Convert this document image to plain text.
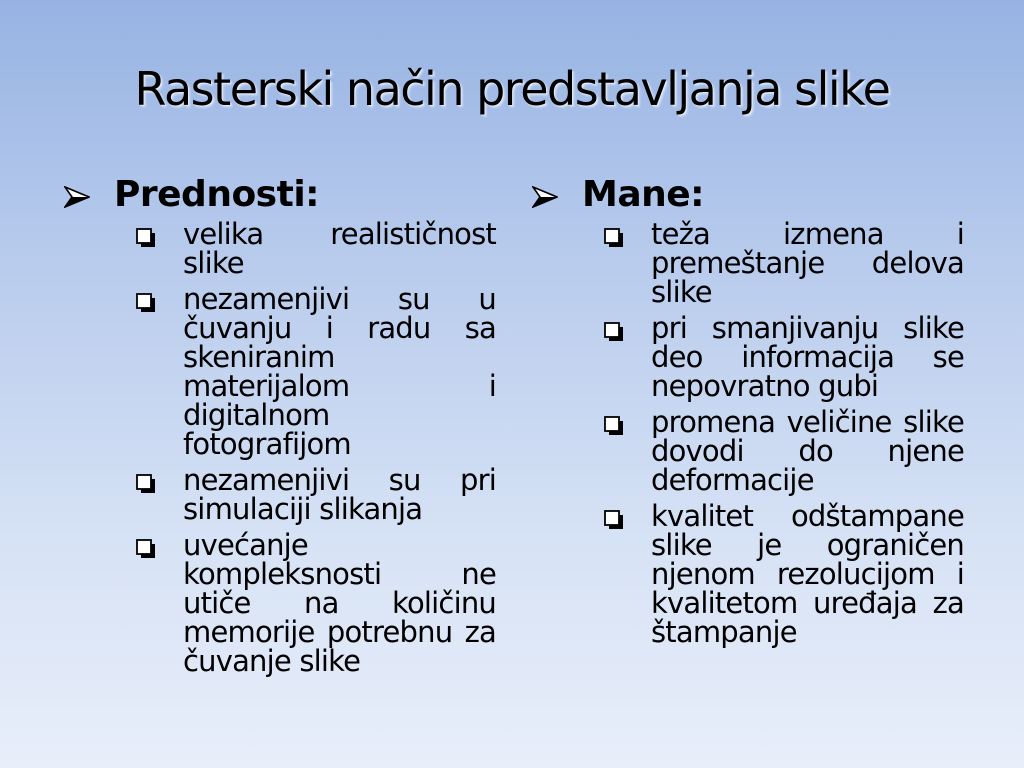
Rasterski način predstavljanja slike
Prednosti:
velika realističnost slike
nezamenjivi su u čuvanju i radu sa skeniranim materijalom i digitalnom fotografijom
nezamenjivi su pri simulaciji slikanja
uvećanje kompleksnosti ne utiče na količinu memorije potrebnu za čuvanje slike
Mane:
teža izmena i premeštanje delova slike
pri smanjivanju slike deo informacija se nepovratno gubi
promena veličine slike dovodi do njene deformacije
kvalitet odštampane slike je ograničen njenom rezolucijom i kvalitetom uređaja za štampanje
